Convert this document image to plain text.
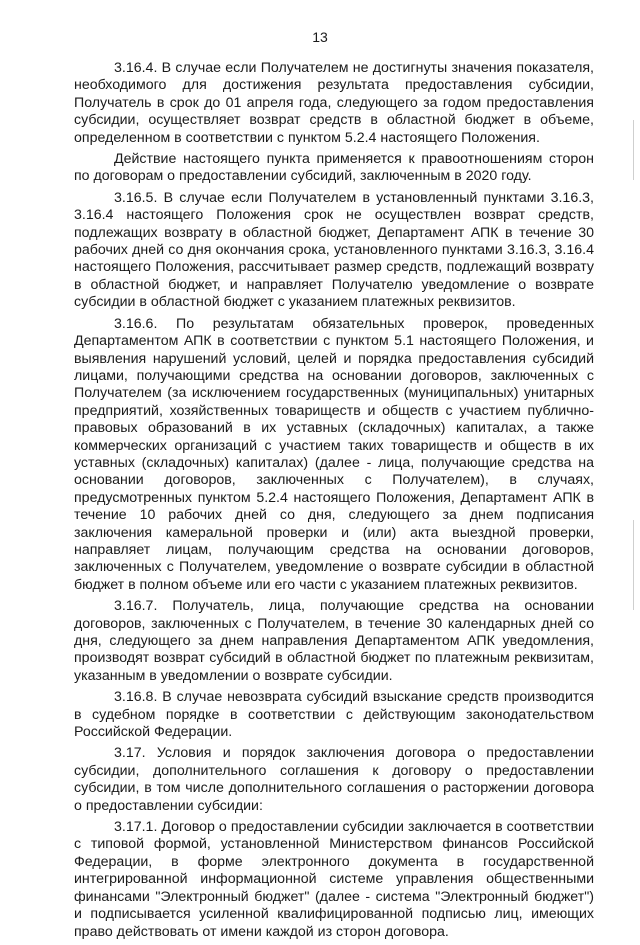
13

3.16.4. В случае если Получателем не достигнуты значения показателя, необходимого для достижения результата предоставления субсидии, Получатель в срок до 01 апреля года, следующего за годом предоставления субсидии, осуществляет возврат средств в областной бюджет в объеме, определенном в соответствии с пунктом 5.2.4 настоящего Положения.

Действие настоящего пункта применяется к правоотношениям сторон по договорам о предоставлении субсидий, заключенным в 2020 году.

3.16.5. В случае если Получателем в установленный пунктами 3.16.3, 3.16.4 настоящего Положения срок не осуществлен возврат средств, подлежащих возврату в областной бюджет, Департамент АПК в течение 30 рабочих дней со дня окончания срока, установленного пунктами 3.16.3, 3.16.4 настоящего Положения, рассчитывает размер средств, подлежащий возврату в областной бюджет, и направляет Получателю уведомление о возврате субсидии в областной бюджет с указанием платежных реквизитов.

3.16.6. По результатам обязательных проверок, проведенных Департаментом АПК в соответствии с пунктом 5.1 настоящего Положения, и выявления нарушений условий, целей и порядка предоставления субсидий лицами, получающими средства на основании договоров, заключенных с Получателем (за исключением государственных (муниципальных) унитарных предприятий, хозяйственных товариществ и обществ с участием публично-правовых образований в их уставных (складочных) капиталах, а также коммерческих организаций с участием таких товариществ и обществ в их уставных (складочных) капиталах) (далее - лица, получающие средства на основании договоров, заключенных с Получателем), в случаях, предусмотренных пунктом 5.2.4 настоящего Положения, Департамент АПК в течение 10 рабочих дней со дня, следующего за днем подписания заключения камеральной проверки и (или) акта выездной проверки, направляет лицам, получающим средства на основании договоров, заключенных с Получателем, уведомление о возврате субсидии в областной бюджет в полном объеме или его части с указанием платежных реквизитов.

3.16.7. Получатель, лица, получающие средства на основании договоров, заключенных с Получателем, в течение 30 календарных дней со дня, следующего за днем направления Департаментом АПК уведомления, производят возврат субсидий в областной бюджет по платежным реквизитам, указанным в уведомлении о возврате субсидии.

3.16.8. В случае невозврата субсидий взыскание средств производится в судебном порядке в соответствии с действующим законодательством Российской Федерации.

3.17. Условия и порядок заключения договора о предоставлении субсидии, дополнительного соглашения к договору о предоставлении субсидии, в том числе дополнительного соглашения о расторжении договора о предоставлении субсидии:

3.17.1. Договор о предоставлении субсидии заключается в соответствии с типовой формой, установленной Министерством финансов Российской Федерации, в форме электронного документа в государственной интегрированной информационной системе управления общественными финансами "Электронный бюджет" (далее - система "Электронный бюджет") и подписывается усиленной квалифицированной подписью лиц, имеющих право действовать от имени каждой из сторон договора.
